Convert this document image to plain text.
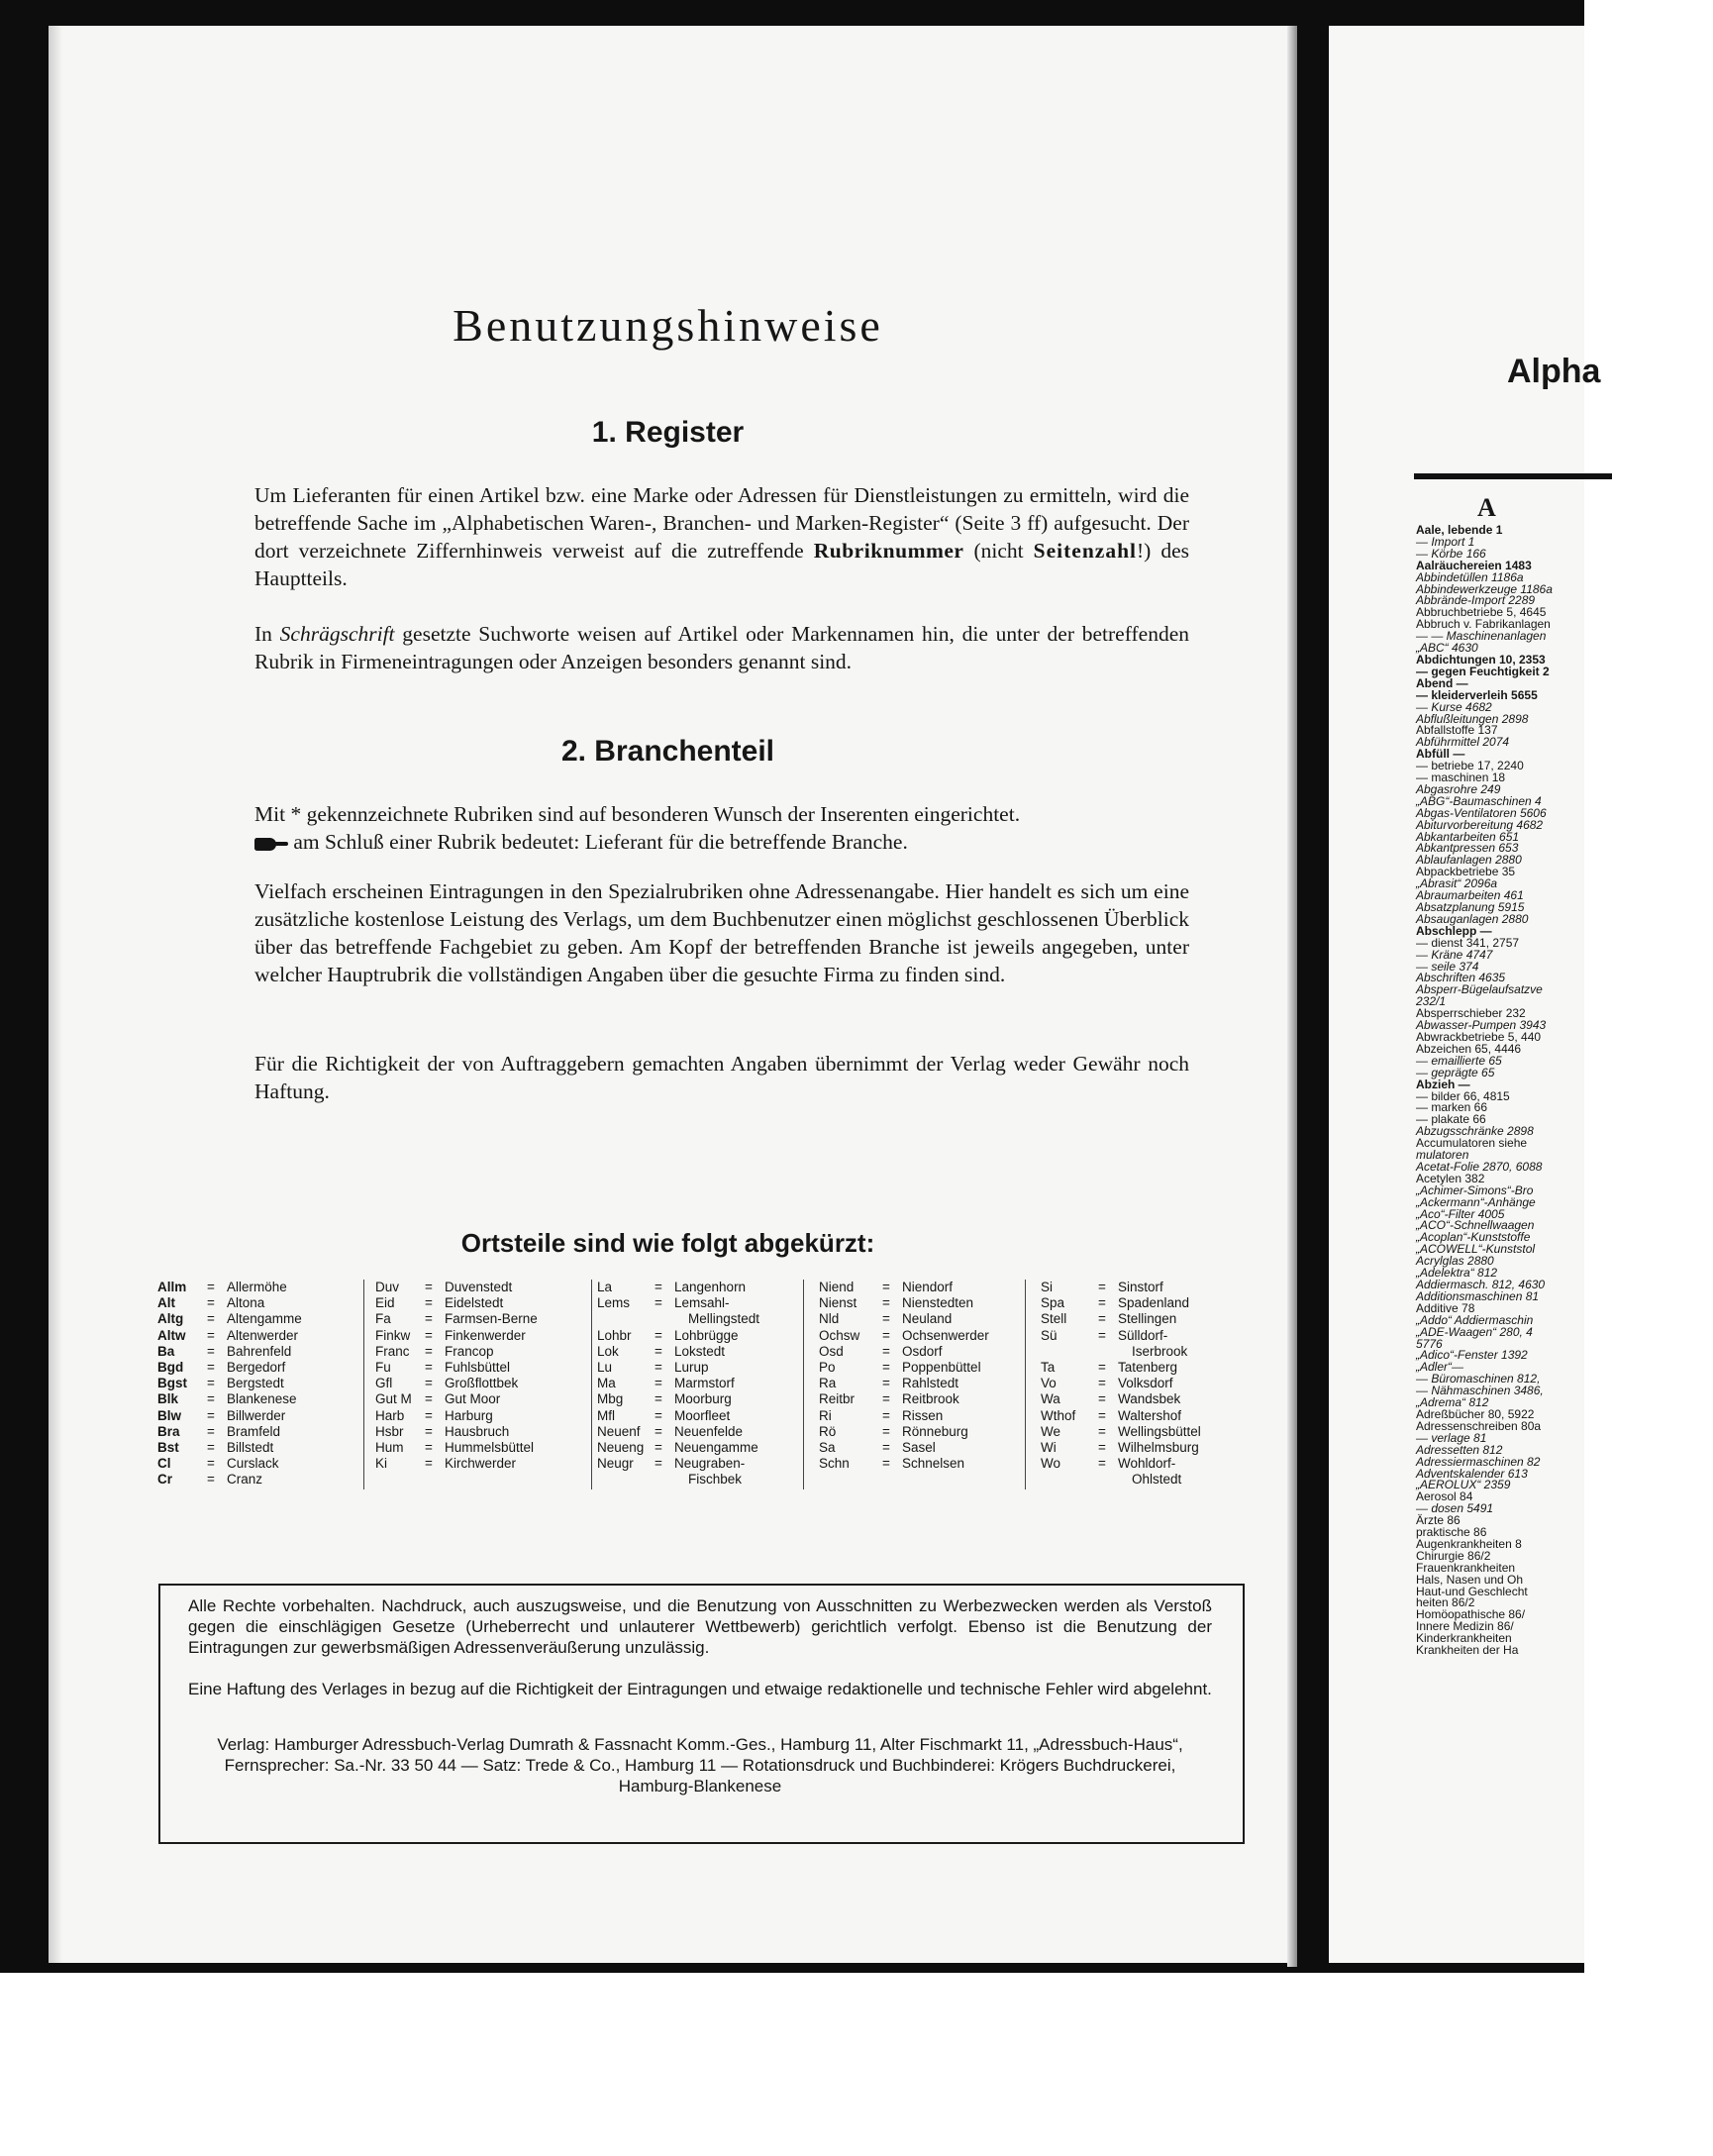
Benutzungshinweise
1. Register
Um Lieferanten für einen Artikel bzw. eine Marke oder Adressen für Dienstleistungen zu ermitteln, wird die betreffende Sache im „Alphabetischen Waren-, Branchen- und Marken-Register“ (Seite 3 ff) aufgesucht. Der dort verzeichnete Ziffernhinweis verweist auf die zutreffende Rubriknummer (nicht Seitenzahl!) des Hauptteils.
In Schrägschrift gesetzte Suchworte weisen auf Artikel oder Markennamen hin, die unter der betreffenden Rubrik in Firmeneintragungen oder Anzeigen besonders genannt sind.
2. Branchenteil
Mit * gekennzeichnete Rubriken sind auf besonderen Wunsch der Inserenten eingerichtet.
am Schluß einer Rubrik bedeutet: Lieferant für die betreffende Branche.
Vielfach erscheinen Eintragungen in den Spezialrubriken ohne Adressenangabe. Hier handelt es sich um eine zusätzliche kostenlose Leistung des Verlags, um dem Buchbenutzer einen möglichst geschlossenen Überblick über das betreffende Fachgebiet zu geben. Am Kopf der betreffenden Branche ist jeweils angegeben, unter welcher Hauptrubrik die vollständigen Angaben über die gesuchte Firma zu finden sind.
Für die Richtigkeit der von Auftraggebern gemachten Angaben übernimmt der Verlag weder Gewähr noch Haftung.
Ortsteile sind wie folgt abgekürzt:
Allm = Allermöhe
Alt = Altona
Altg = Altengamme
Altw = Altenwerder
Ba = Bahrenfeld
Bgd = Bergedorf
Bgst = Bergstedt
Blk = Blankenese
Blw = Billwerder
Bra = Bramfeld
Bst = Billstedt
Cl	= Curslack
Cr	= Cranz
Duv = Duvenstedt
Eid = Eidelstedt
Fa	= Farmsen-Berne
Finkw = Finkenwerder
Franc = Francop
Fu	= Fuhlsbüttel
Gfl = Großflottbek
Gut M = Gut Moor
Harb = Harburg
Hsbr = Hausbruch
Hum = Hummelsbüttel
Ki	= Kirchwerder
La	= Langenhorn
Lems = Lemsahl-
Mellingstedt
Lohbr = Lohbrügge
Lok	= Lokstedt
Lu	= Lurup
Ma	= Marmstorf
Mbg = Moorburg
Mfl	= Moorfleet
Neuenf = Neuenfelde
Neueng = Neuengamme
Neugr = Neugraben-
Fischbek
Niend = Niendorf
Nienst = Nienstedten
Nld	= Neuland
Ochsw = Ochsenwerder
Osd	= Osdorf
Po	= Poppenbüttel
Ra	= Rahlstedt
Reitbr = Reitbrook
Ri	= Rissen
Rö	= Rönneburg
Sa	= Sasel
Schn = Schnelsen
Si	= Sinstorf
Spa	= Spadenland
Stell = Stellingen
Sü	= Sülldorf-
Iserbrook
Ta	= Tatenberg
Vo	= Volksdorf
Wa	= Wandsbek
Wthof = Waltershof
We	= Wellingsbüttel
Wi	= Wilhelmsburg
Wo	= Wohldorf-
Ohlstedt

Alle Rechte vorbehalten. Nachdruck, auch auszugsweise, und die Benutzung von Ausschnitten zu Werbezwecken werden als Verstoß gegen die einschlägigen Gesetze (Urheberrecht und unlauterer Wettbewerb) gerichtlich verfolgt. Ebenso ist die Benutzung der Eintragungen zur gewerbsmäßigen Adressenveräußerung unzulässig.

Eine Haftung des Verlages in bezug auf die Richtigkeit der Eintragungen und etwaige redaktionelle und technische Fehler wird abgelehnt.

Verlag: Hamburger Adressbuch-Verlag Dumrath & Fassnacht Komm.-Ges., Hamburg 11, Alter Fischmarkt 11, „Adressbuch-Haus“, Fernsprecher: Sa.-Nr. 33 50 44 — Satz: Trede & Co., Hamburg 11 — Rotationsdruck und Buchbinderei: Krögers Buchdruckerei, Hamburg-Blankenese

Alpha
A
Aale, lebende 1
— Import 1
— Körbe 166
Aalräuchereien 1483
Abbindetüllen 1186a
Abbindewerkzeuge 1186a
Abbrände-Import 2289
Abbruchbetriebe 5, 4645
Abbruch v. Fabrikanlagen
— — Maschinenanlagen
„ABC“ 4630
Abdichtungen 10, 2353
— gegen Feuchtigkeit 2
Abend —
— kleiderverleih 5655
— Kurse 4682
Abflußleitungen 2898
Abfallstoffe 137
Abführmittel 2074
Abfüll —
— betriebe 17, 2240
— maschinen 18
Abgasrohre 249
„ABG“-Baumaschinen 4
Abgas-Ventilatoren 5606
Abiturvorbereitung 4682
Abkantarbeiten 651
Abkantpressen 653
Ablaufanlagen 2880
Abpackbetriebe 35
„Abrasit“ 2096a
Abraumarbeiten 461
Absatzplanung 5915
Absauganlagen 2880
Abschlepp —
— dienst 341, 2757
— Kräne 4747
— seile 374
Abschriften 4635
Absperr-Bügelaufsatzve
232/1
Absperrschieber 232
Abwasser-Pumpen 3943
Abwrackbetriebe 5, 440
Abzeichen 65, 4446
— emaillierte 65
— geprägte 65
Abzieh —
— bilder 66, 4815
— marken 66
— plakate 66
Abzugsschränke 2898
Accumulatoren siehe
mulatoren
Acetat-Folie 2870, 6088
Acetylen 382
„Achimer-Simons“-Bro
„Ackermann“-Anhänge
„Aco“-Filter 4005
„ACO“-Schnellwaagen
„Acoplan“-Kunststoffe
„ACOWELL“-Kunststol
Acrylglas 2880
„Adelektra“ 812
Addiermasch. 812, 4630
Additionsmaschinen 81
Additive 78
„Addo“ Addiermaschin
„ADE-Waagen“ 280, 4
5776
„Adico“-Fenster 1392
„Adler“—
— Büromaschinen 812,
— Nähmaschinen 3486,
„Adrema“ 812
Adreßbücher 80, 5922
Adressenschreiben 80a
— verlage 81
Adressetten 812
Adressiermaschinen 82
Adventskalender 613
„AEROLUX“ 2359
Aerosol 84
— dosen 5491
Ärzte 86
praktische 86
Augenkrankheiten 8
Chirurgie 86/2
Frauenkrankheiten
Hals, Nasen und Oh
Haut-und Geschlecht
heiten 86/2
Homöopathische 86/
Innere Medizin 86/
Kinderkrankheiten
Krankheiten der Ha
